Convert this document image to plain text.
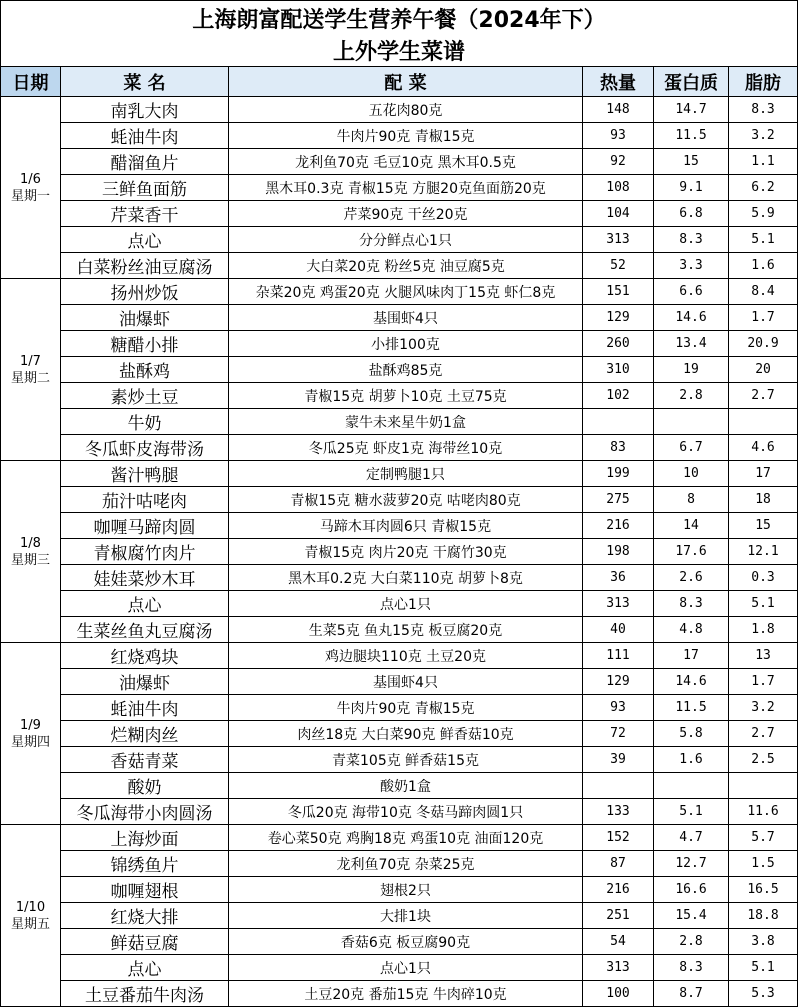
上海朗富配送学生营养午餐（2024年下）					
上外学生菜谱					
日期	菜 名	配 菜	热量	蛋白质	脂肪

1/6
星期一	南乳大肉	五花肉80克	148	14.7	8.3
	蚝油牛肉	牛肉片90克 青椒15克	93	11.5	3.2
	醋溜鱼片	龙利鱼70克 毛豆10克 黑木耳0.5克	92	15	1.1
	三鲜鱼面筋	黑木耳0.3克 青椒15克 方腿20克鱼面筋20克	108	9.1	6.2
	芹菜香干	芹菜90克 干丝20克	104	6.8	5.9
	点心	分分鲜点心1只	313	8.3	5.1
	白菜粉丝油豆腐汤	大白菜20克 粉丝5克 油豆腐5克	52	3.3	1.6

1/7
星期二	扬州炒饭	杂菜20克 鸡蛋20克 火腿风味肉丁15克 虾仁8克	151	6.6	8.4
	油爆虾	基围虾4只	129	14.6	1.7
	糖醋小排	小排100克	260	13.4	20.9
	盐酥鸡	盐酥鸡85克	310	19	20
	素炒土豆	青椒15克 胡萝卜10克 土豆75克	102	2.8	2.7
	牛奶	蒙牛未来星牛奶1盒			
	冬瓜虾皮海带汤	冬瓜25克 虾皮1克 海带丝10克	83	6.7	4.6

1/8
星期三	酱汁鸭腿	定制鸭腿1只	199	10	17
	茄汁咕咾肉	青椒15克 糖水菠萝20克 咕咾肉80克	275	8	18
	咖喱马蹄肉圆	马蹄木耳肉圆6只 青椒15克	216	14	15
	青椒腐竹肉片	青椒15克 肉片20克 干腐竹30克	198	17.6	12.1
	娃娃菜炒木耳	黑木耳0.2克 大白菜110克 胡萝卜8克	36	2.6	0.3
	点心	点心1只	313	8.3	5.1
	生菜丝鱼丸豆腐汤	生菜5克 鱼丸15克 板豆腐20克	40	4.8	1.8

1/9
星期四	红烧鸡块	鸡边腿块110克 土豆20克	111	17	13
	油爆虾	基围虾4只	129	14.6	1.7
	蚝油牛肉	牛肉片90克 青椒15克	93	11.5	3.2
	烂糊肉丝	肉丝18克 大白菜90克 鲜香菇10克	72	5.8	2.7
	香菇青菜	青菜105克 鲜香菇15克	39	1.6	2.5
	酸奶	酸奶1盒			
	冬瓜海带小肉圆汤	冬瓜20克 海带10克 冬菇马蹄肉圆1只	133	5.1	11.6

1/10
星期五	上海炒面	卷心菜50克 鸡胸18克 鸡蛋10克 油面120克	152	4.7	5.7
	锦绣鱼片	龙利鱼70克 杂菜25克	87	12.7	1.5
	咖喱翅根	翅根2只	216	16.6	16.5
	红烧大排	大排1块	251	15.4	18.8
	鲜菇豆腐	香菇6克 板豆腐90克	54	2.8	3.8
	点心	点心1只	313	8.3	5.1
	土豆番茄牛肉汤	土豆20克 番茄15克 牛肉碎10克	100	8.7	5.3
